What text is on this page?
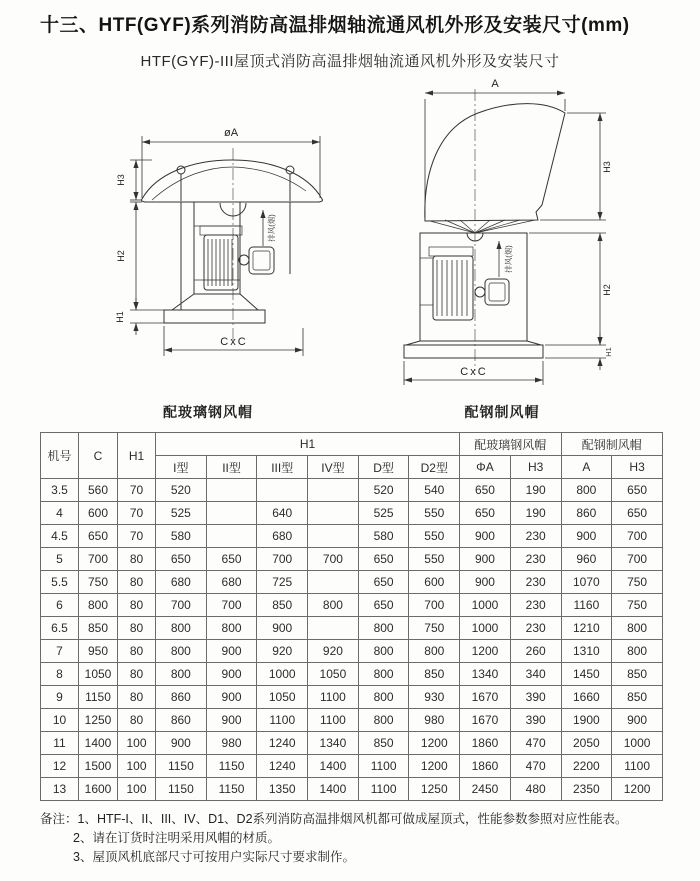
十三、HTF(GYF)系列消防高温排烟轴流通风机外形及安装尺寸(mm)
HTF(GYF)-III屋顶式消防高温排烟轴流通风机外形及安装尺寸
排风(烟)
øA
H3
H2
H1
CxC
排风(烟)
A
H3
H2
H1
CxC
配玻璃钢风帽	配钢制风帽
机号	C	H1	H1						配玻璃钢风帽		配钢制风帽	
			I型	II型	III型	IV型	D型	D2型	ΦA	H3	A	H3
3.5	560	70	520				520	540	650	190	800	650
4	600	70	525		640		525	550	650	190	860	650
4.5	650	70	580		680		580	550	900	230	900	700
5	700	80	650	650	700	700	650	550	900	230	960	700
5.5	750	80	680	680	725		650	600	900	230	1070	750
6	800	80	700	700	850	800	650	700	1000	230	1160	750
6.5	850	80	800	800	900		800	750	1000	230	1210	800
7	950	80	800	900	920	920	800	800	1200	260	1310	800
8	1050	80	800	900	1000	1050	800	850	1340	340	1450	850
9	1150	80	860	900	1050	1100	800	930	1670	390	1660	850
10	1250	80	860	900	1100	1100	800	980	1670	390	1900	900
11	1400	100	900	980	1240	1340	850	1200	1860	470	2050	1000
12	1500	100	1150	1150	1240	1400	1100	1200	1860	470	2200	1100
13	1600	100	1150	1150	1350	1400	1100	1250	2450	480	2350	1200
备注：1、HTF-I、II、III、IV、D1、D2系列消防高温排烟风机都可做成屋顶式，性能参数参照对应性能表。
2、请在订货时注明采用风帽的材质。
3、屋顶风机底部尺寸可按用户实际尺寸要求制作。
